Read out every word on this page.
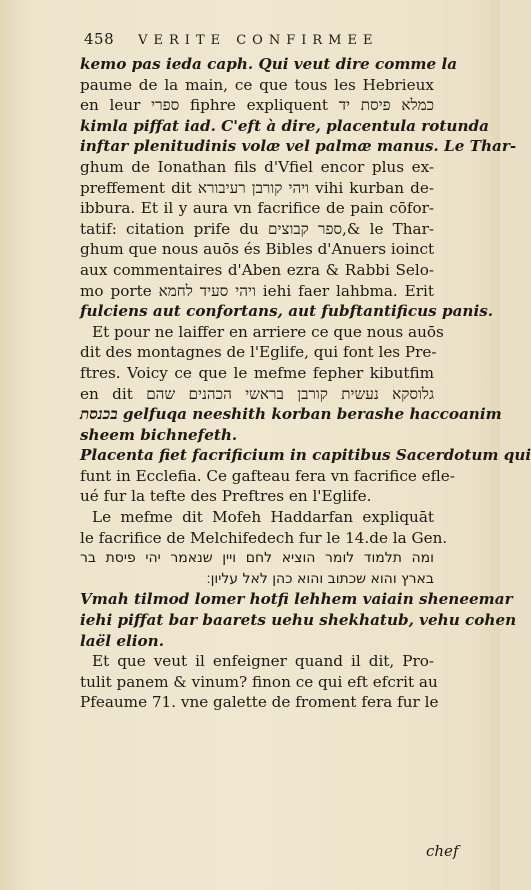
458 VERITE CONFIRMEE
kemo pas ieda caph. Qui veut dire comme la
paume de la main, ce que tous les Hebrieux
en leur ספרי fiphre expliquent כמלא פיסת יד
kimla piffat iad. C'eft à dire, placentula rotunda
inftar plenitudinis volæ vel palmæ manus. Le Thar-
ghum de Ionathan fils d'Vfiel encor plus ex-
preffement dit ויהי קורבן רעיבורא vihi kurban de-
ibbura. Et il y aura vn facrifice de pain cōfor-
tatif: citation prife du ספר קבוצים,& le Thar-
ghum que nous auōs és Bibles d'Anuers ioinct
aux commentaires d'Aben ezra & Rabbi Selo-
mo porte ויהי סעיד לחמא iehi faer lahbma. Erit
fulciens aut confortans, aut fubftantificus panis.
Et pour ne laiffer en arriere ce que nous auōs
dit des montagnes de l'Eglife, qui font les Pre-
ftres. Voicy ce que le mefme fepher kibutfim
en dit גלוסקא נעשית קורבן בראשי הכהנים שהם
בכנסת gelfuqa neeshith korban berashe haccoanim
sheem bichnefeth.
Placenta fiet facrificium in capitibus Sacerdotum qui
funt in Ecclefia. Ce gafteau fera vn facrifice efle-
ué fur la tefte des Preftres en l'Eglife.
Le mefme dit Mofeh Haddarfan expliquāt
le facrifice de Melchifedech fur le 14.de la Gen.
ומה תלמוד לומר הוציא לחם ויין שנאמר יהי פיסת בר
בארץ והוא שכתוב והוא כהן לאל עליון׃
Vmah tilmod lomer hotfi lehhem vaiain sheneemar
iehi piffat bar baarets uehu shekhatub, vehu cohen
laël elion.
Et que veut il enfeigner quand il dit, Pro-
tulit panem & vinum? finon ce qui eft efcrit au
Pfeaume 71. vne galette de froment fera fur le
chef
